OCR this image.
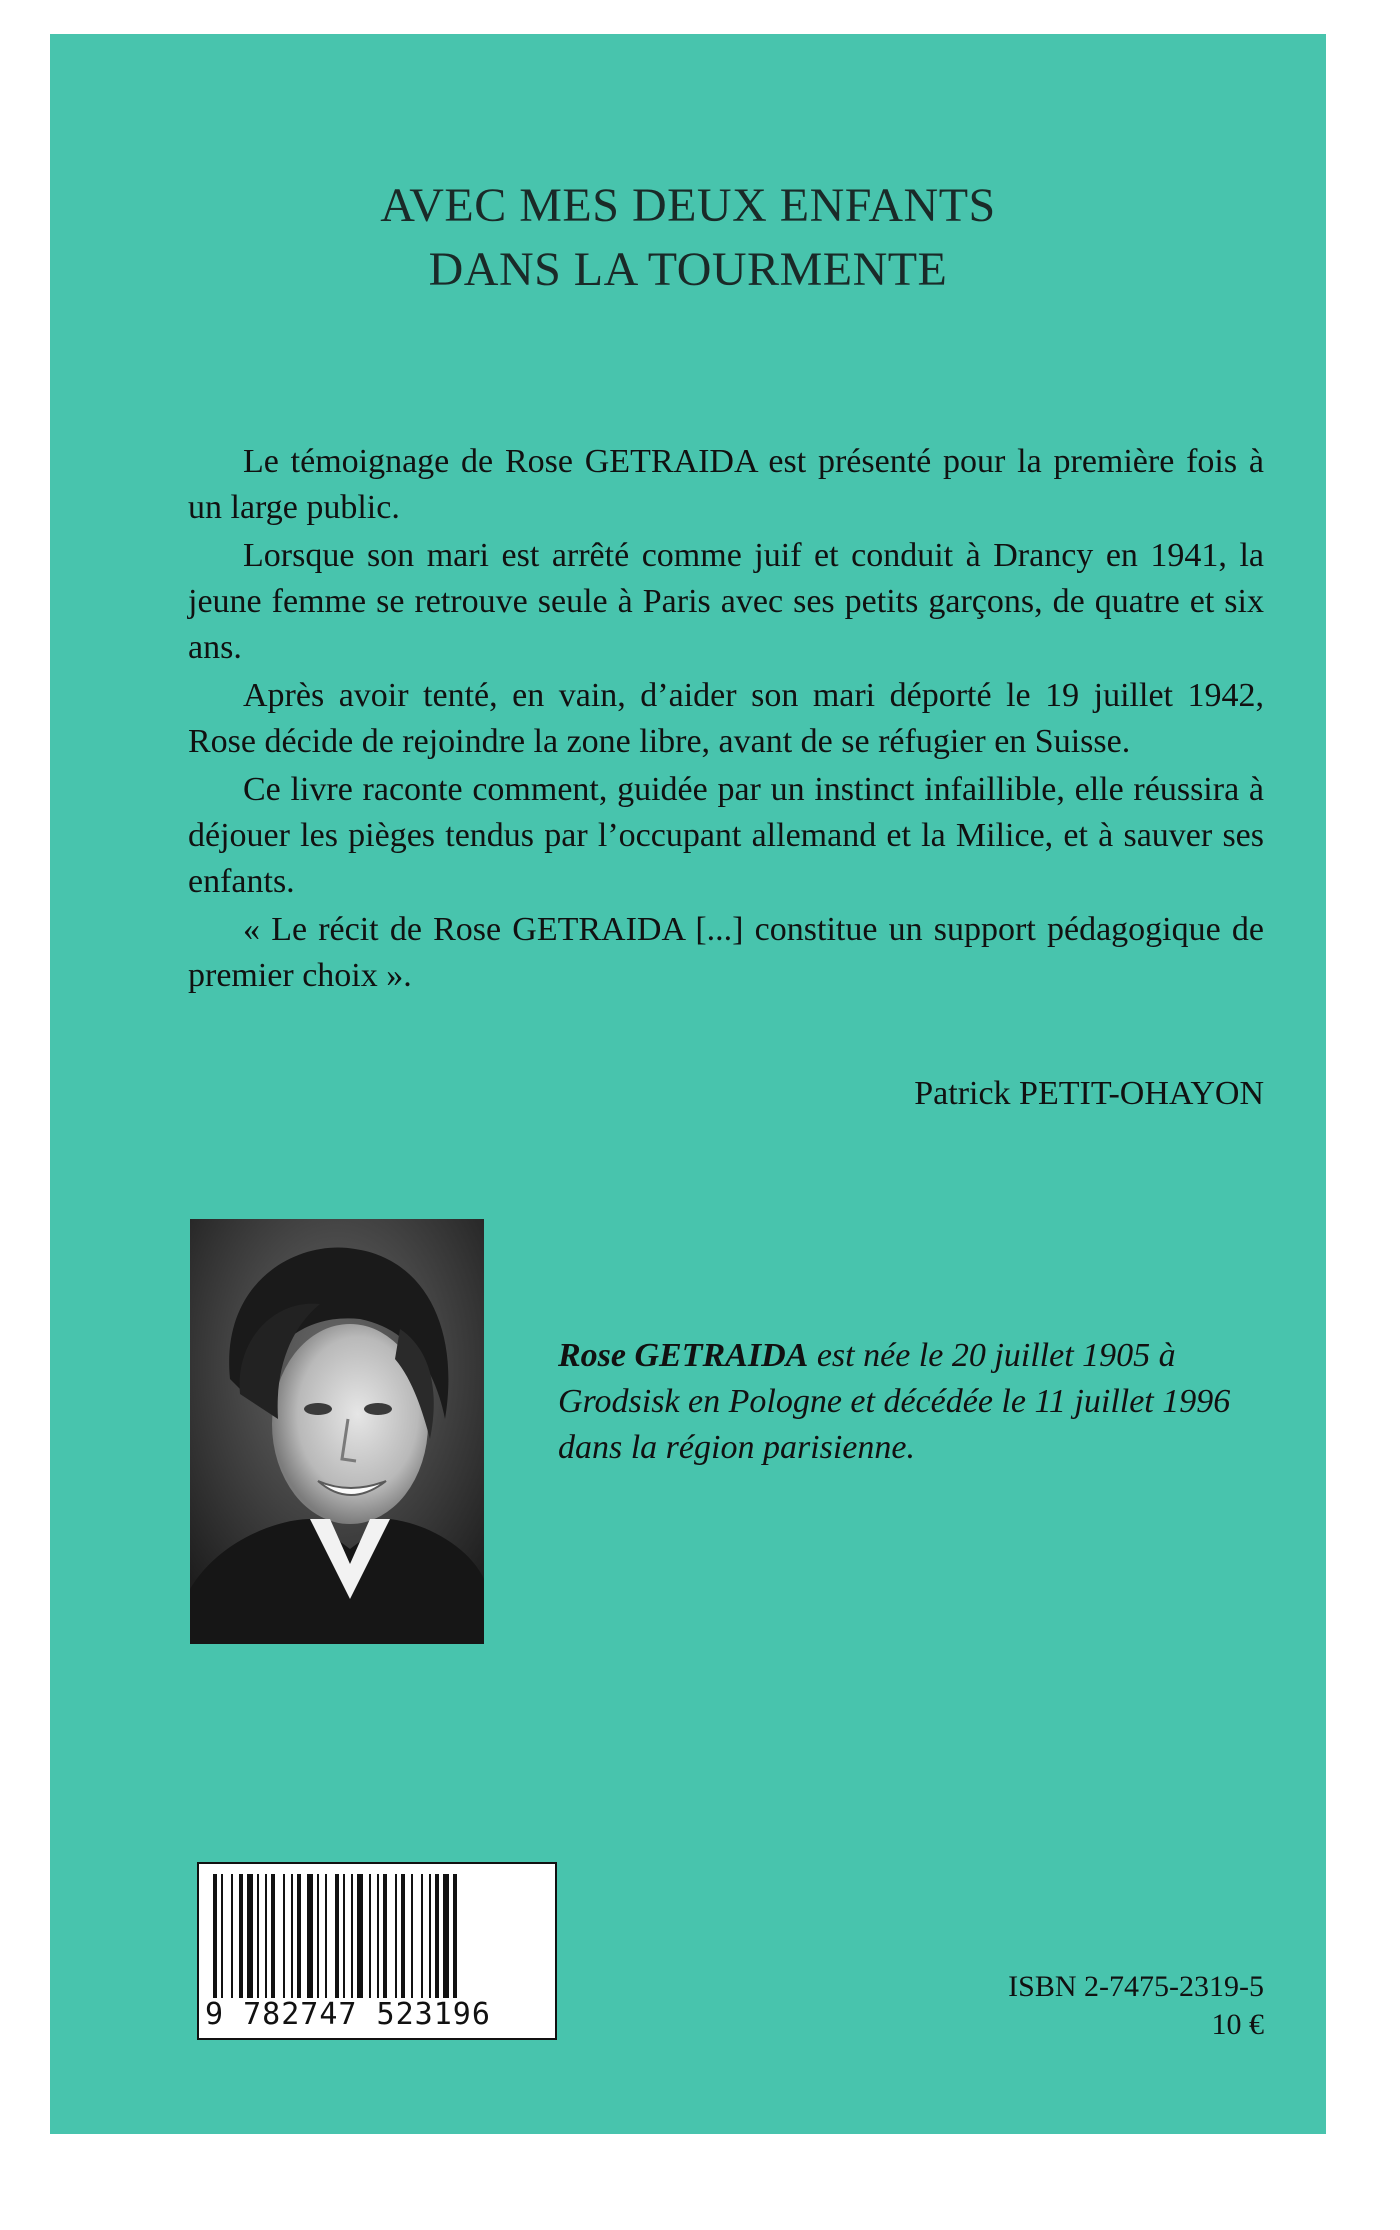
AVEC MES DEUX ENFANTS
DANS LA TOURMENTE

Le témoignage de Rose GETRAIDA est présenté pour la première fois à un large public.

Lorsque son mari est arrêté comme juif et conduit à Drancy en 1941, la jeune femme se retrouve seule à Paris avec ses petits garçons, de quatre et six ans.

Après avoir tenté, en vain, d’aider son mari déporté le 19 juillet 1942, Rose décide de rejoindre la zone libre, avant de se réfugier en Suisse.

Ce livre raconte comment, guidée par un instinct infaillible, elle réussira à déjouer les pièges tendus par l’occupant allemand et la Milice, et à sauver ses enfants.

« Le récit de Rose GETRAIDA [...] constitue un support pédagogique de premier choix ».

Patrick PETIT-OHAYON
Rose GETRAIDA est née le 20 juillet 1905 à Grodsisk en Pologne et décédée le 11 juillet 1996 dans la région parisienne.
9 782747 523196
ISBN 2-7475-2319-5
10 €
